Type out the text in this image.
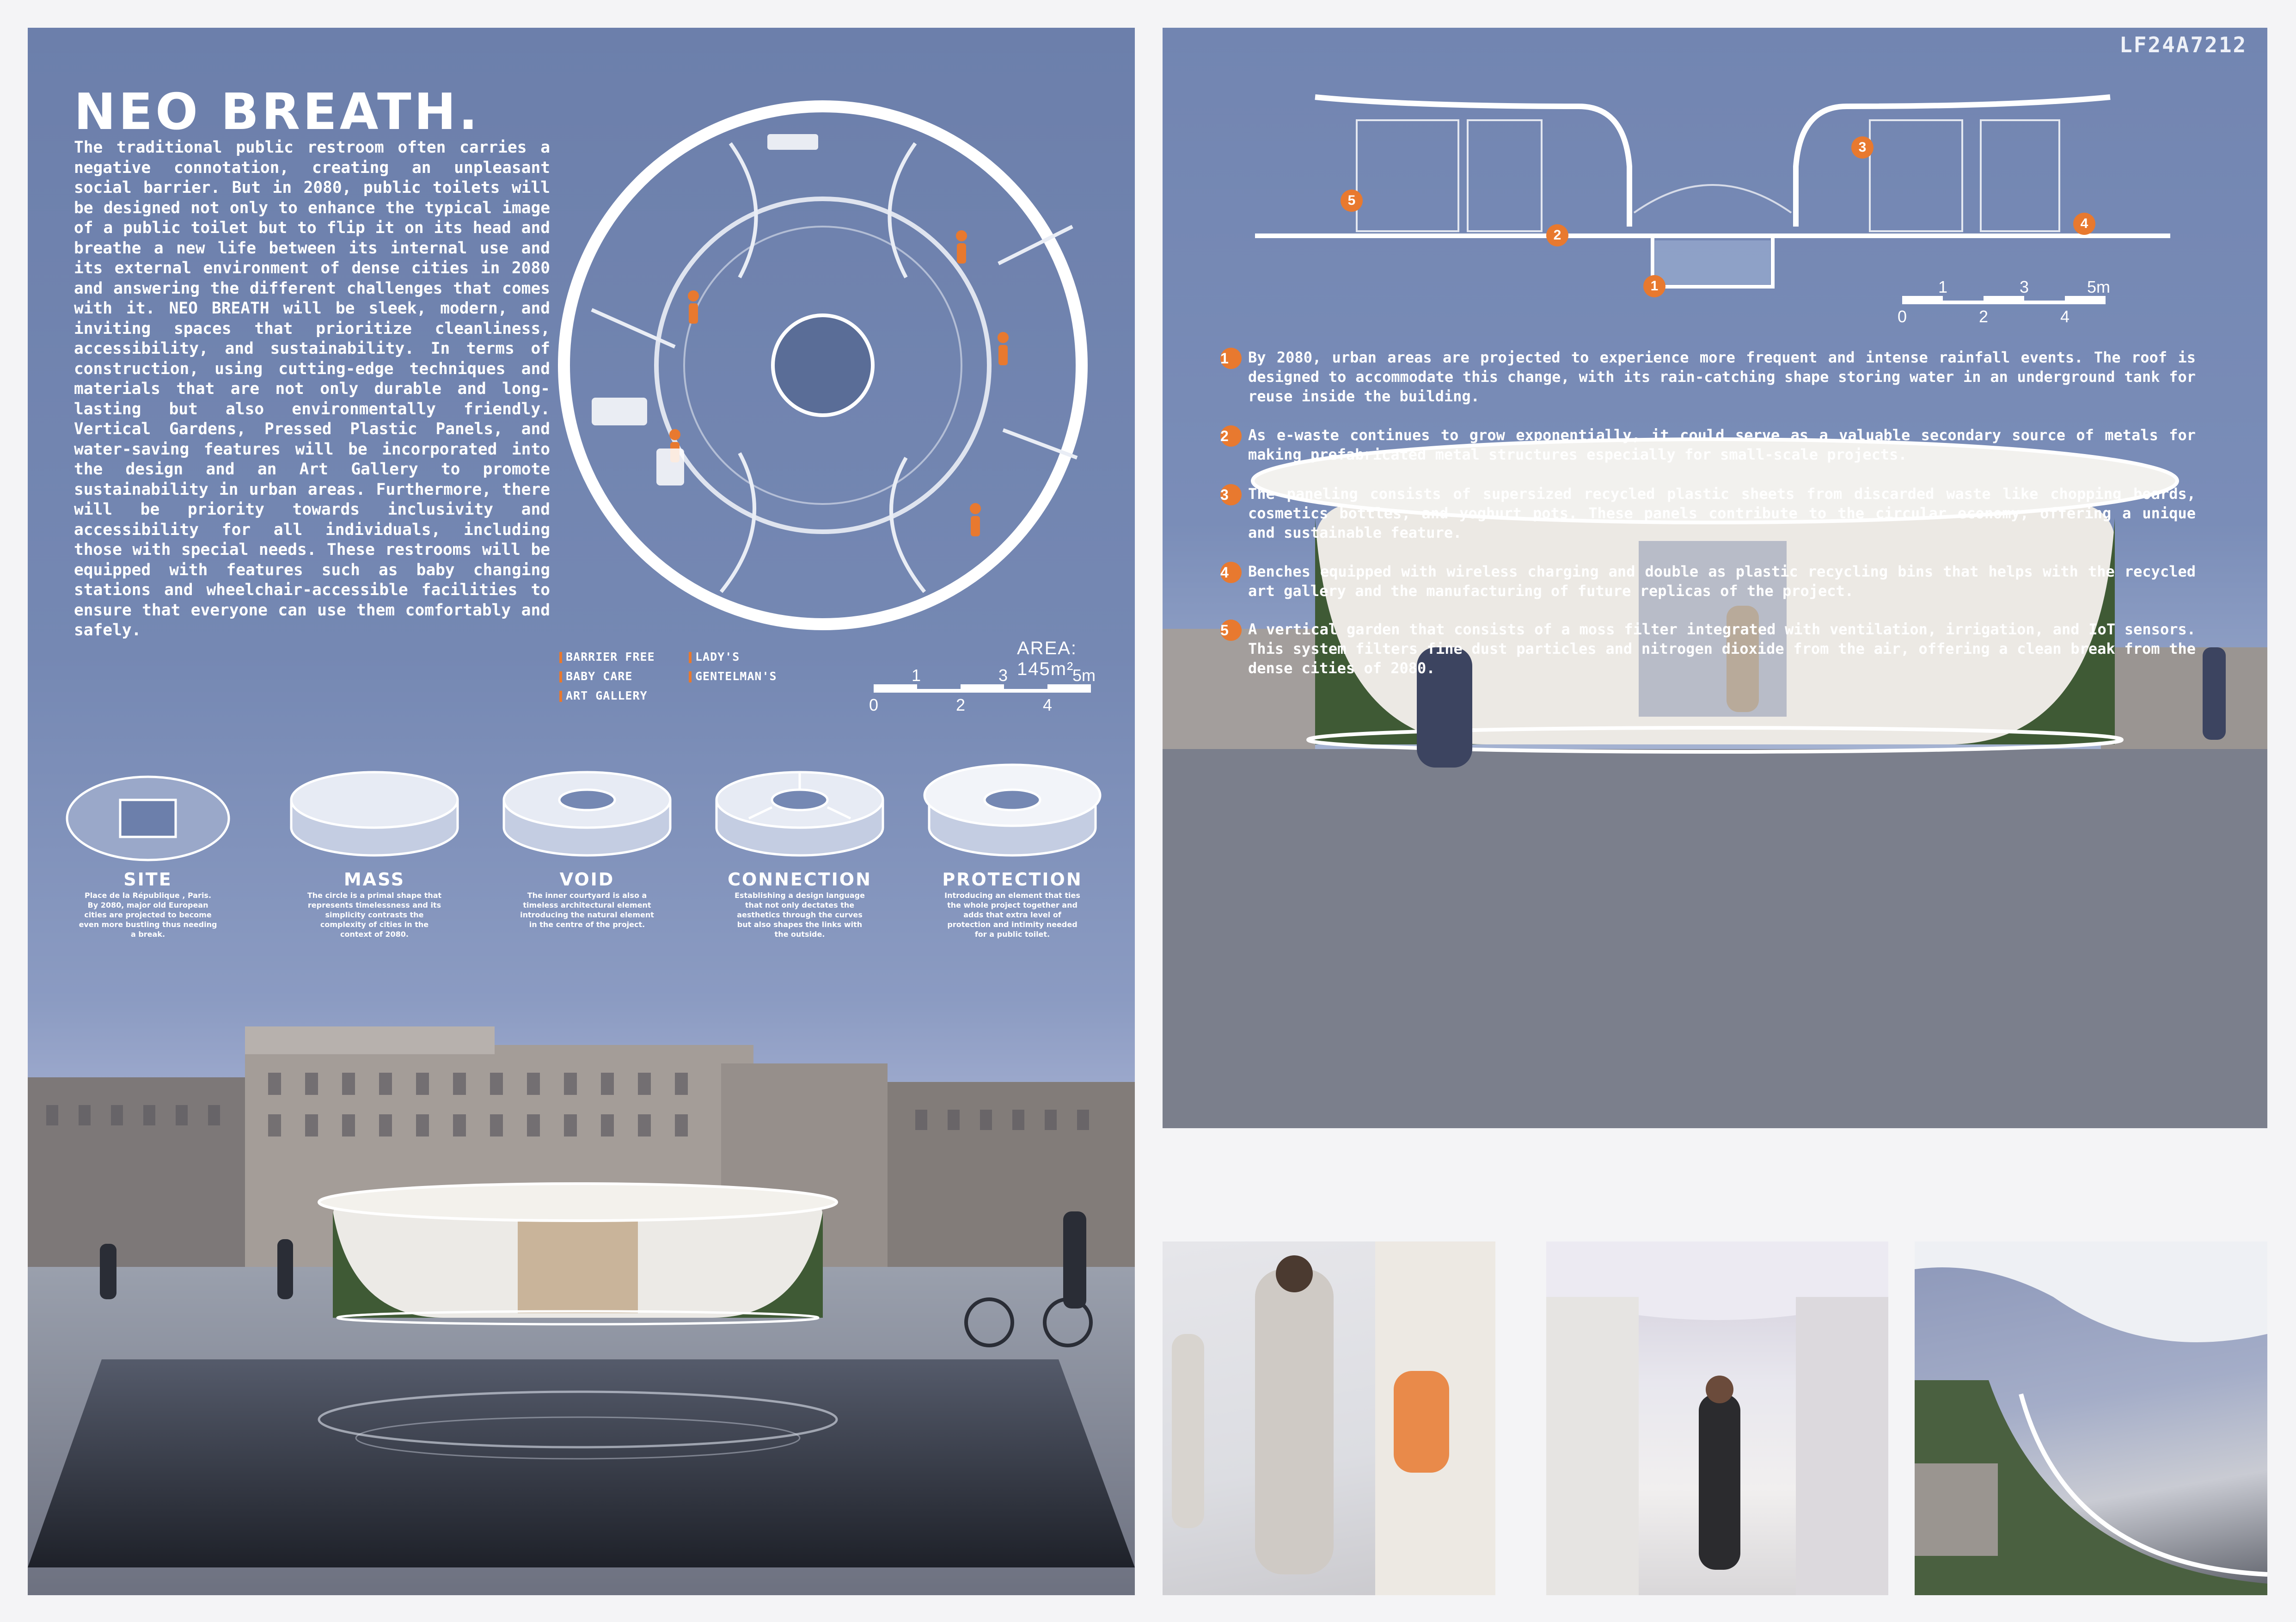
NEO BREATH.

The traditional public restroom often carries a negative connotation, creating an unpleasant social barrier. But in 2080, public toilets will be designed not only to enhance the typical image of a public toilet but to flip it on its head and breathe a new life between its internal use and its external environment of dense cities in 2080 and answering the different challenges that comes with it. NEO BREATH will be sleek, modern, and inviting spaces that prioritize cleanliness, accessibility, and sustainability. In terms of construction, using cutting-edge techniques and materials that are not only durable and long-lasting but also environmentally friendly. Vertical Gardens, Pressed Plastic Panels, and water-saving features will be incorporated into the design and an Art Gallery to promote sustainability in urban areas. Furthermore, there will be priority towards inclusivity and accessibility for all individuals, including those with special needs. These restrooms will be equipped with features such as baby changing stations and wheelchair-accessible facilities to ensure that everyone can use them comfortably and safely.

BARRIER FREE
BABY CARE
ART GALLERY
LADY'S
GENTELMAN'S
AREA: 145m²
1	3	5m
0	2	4
SITE
Place de la République , Paris. By 2080, major old European cities are projected to become even more bustling thus needing a break.
MASS
The circle is a primal shape that represents timelessness and its simplicity contrasts the complexity of cities in the context of 2080.
VOID
The inner courtyard is also a timeless architectural element introducing the natural element in the centre of the project.
CONNECTION
Establishing a design language that not only dectates the aesthetics through the curves but also shapes the links with the outside.
PROTECTION
Introducing an element that ties the whole project together and adds that extra level of protection and intimity needed for a public toilet.
LF24A7212
5
2
1
3
4
1	3	5m
0	2	4
1	By 2080, urban areas are projected to experience more frequent and intense rainfall events. The roof is designed to accommodate this change, with its rain-catching shape storing water in an underground tank for reuse inside the building.
2	As e-waste continues to grow exponentially, it could serve as a valuable secondary source of metals for making prefabricated metal structures especially for small-scale projects.
3	The paneling consists of supersized recycled plastic sheets from discarded waste like chopping boards, cosmetics bottles, and yoghurt pots. These panels contribute to the circular economy, offering a unique and sustainable feature.
4	Benches equipped with wireless charging and double as plastic recycling bins that helps with the recycled art gallery and the manufacturing of future replicas of the project.
5	A vertical garden that consists of a moss filter integrated with ventilation, irrigation, and IoT sensors. This system filters fine dust particles and nitrogen dioxide from the air, offering a clean break from the dense cities of 2080.
